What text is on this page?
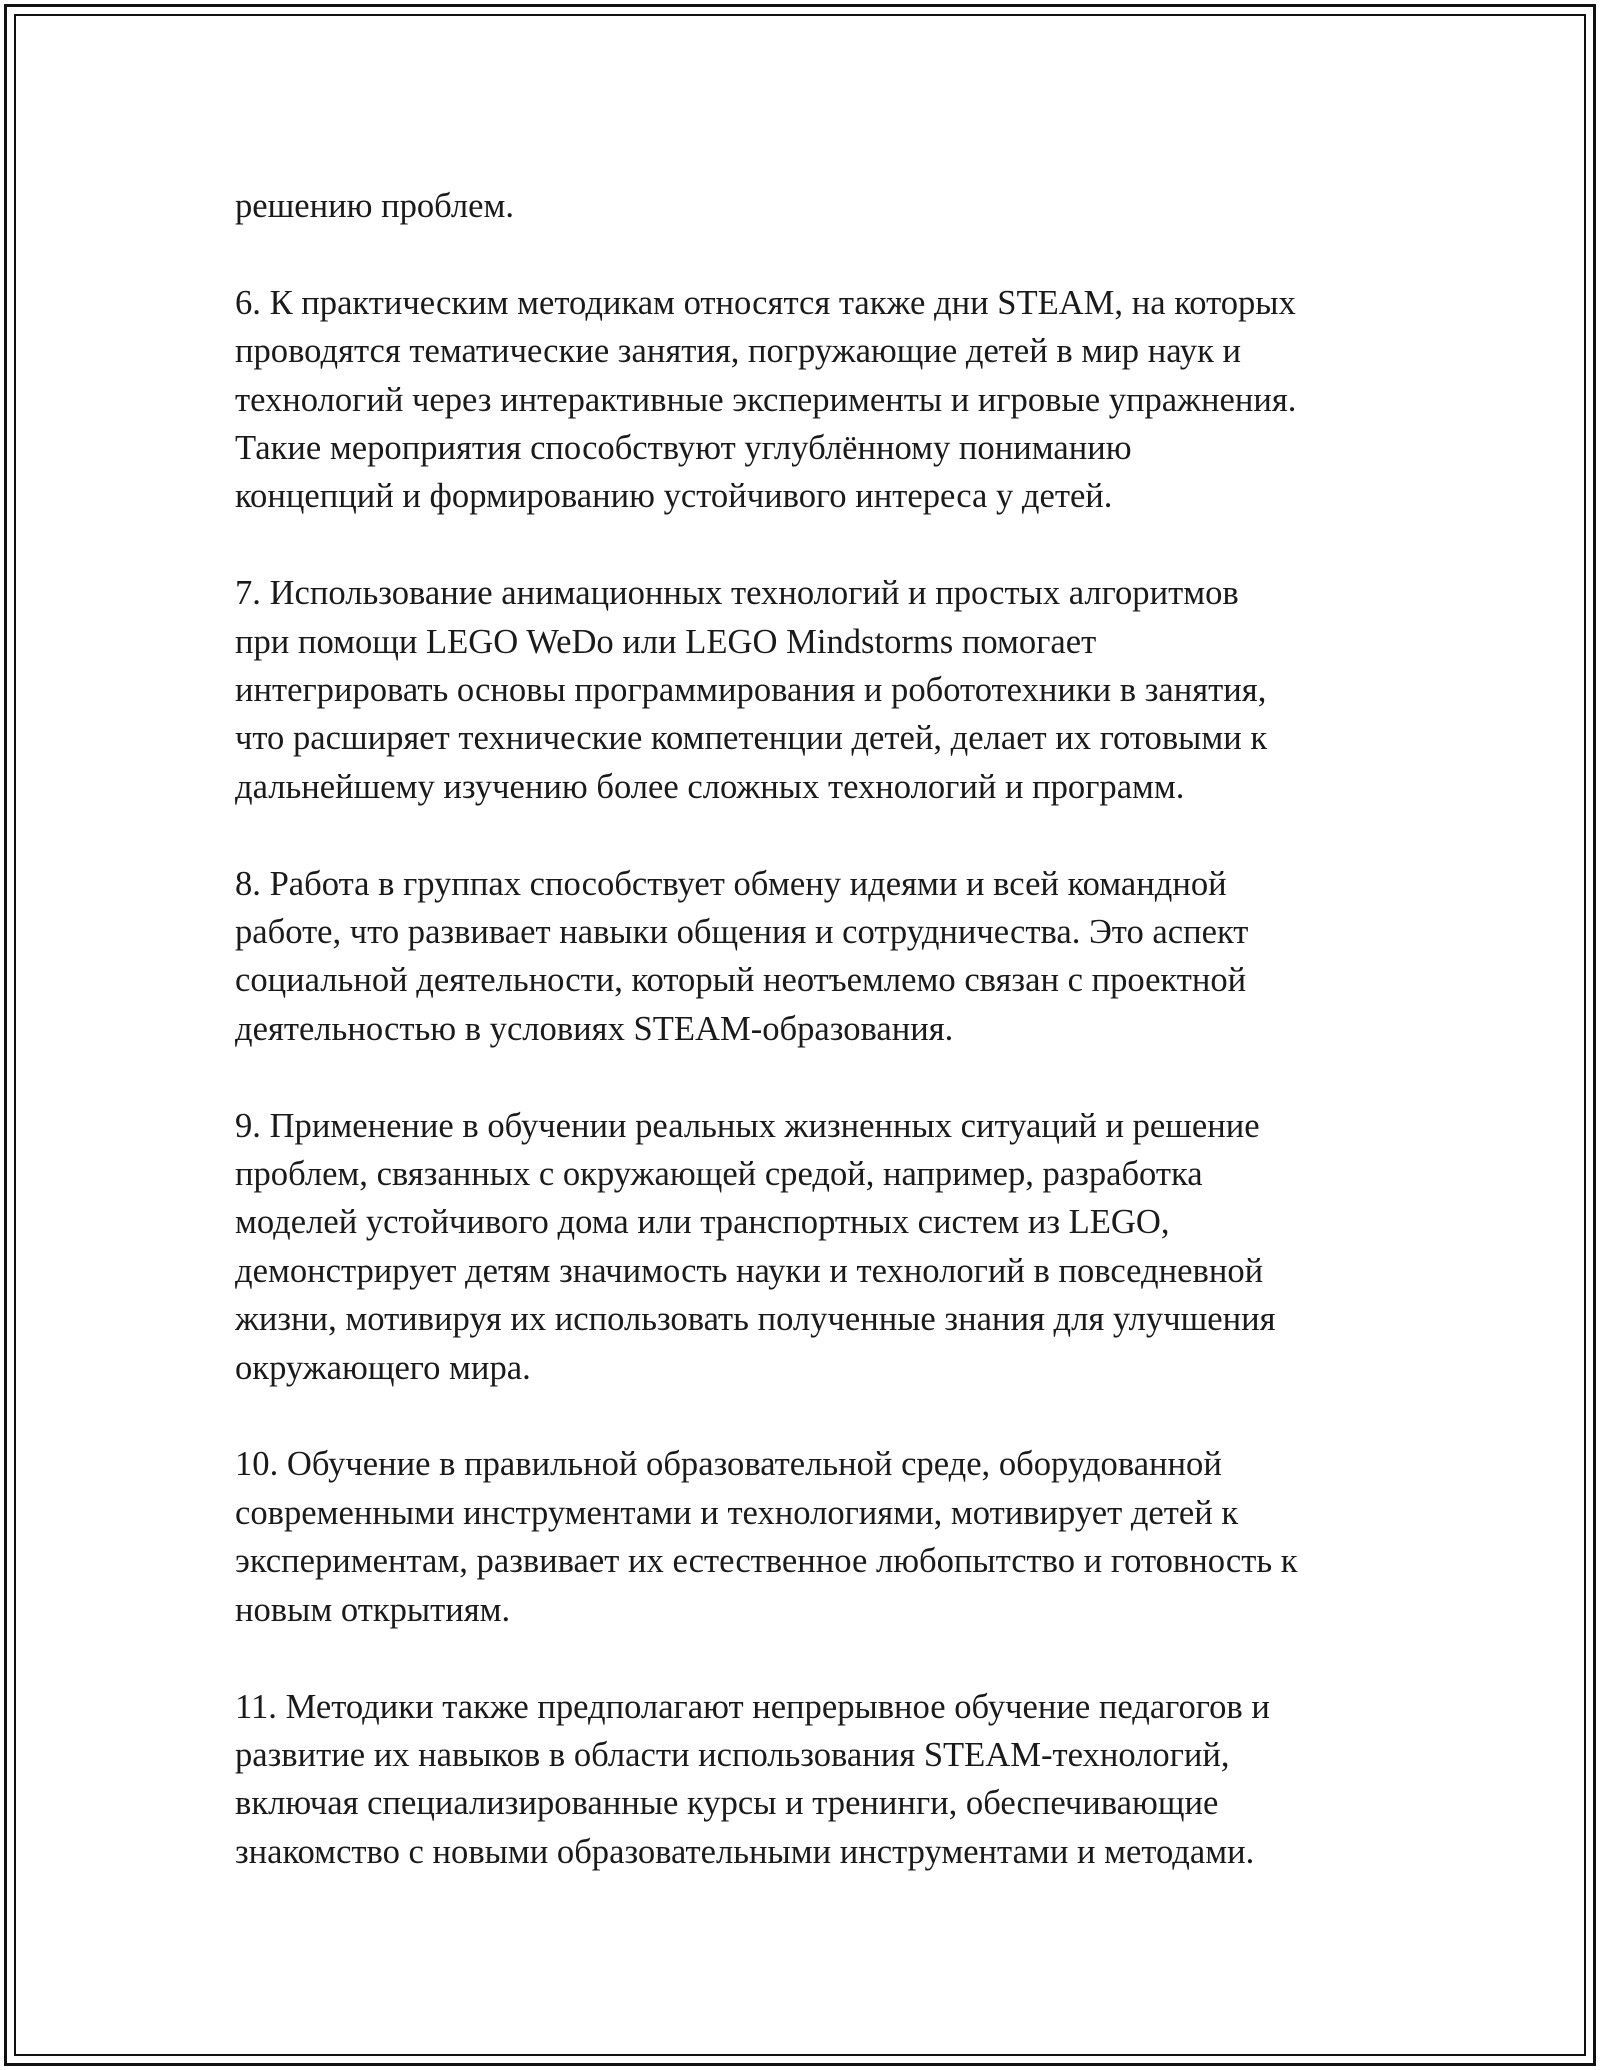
решению проблем.

6. К практическим методикам относятся также дни STEAM, на которых
проводятся тематические занятия, погружающие детей в мир наук и
технологий через интерактивные эксперименты и игровые упражнения.
Такие мероприятия способствуют углублённому пониманию
концепций и формированию устойчивого интереса у детей.

7. Использование анимационных технологий и простых алгоритмов
при помощи LEGO WeDo или LEGO Mindstorms помогает
интегрировать основы программирования и робототехники в занятия,
что расширяет технические компетенции детей, делает их готовыми к
дальнейшему изучению более сложных технологий и программ.

8. Работа в группах способствует обмену идеями и всей командной
работе, что развивает навыки общения и сотрудничества. Это аспект
социальной деятельности, который неотъемлемо связан с проектной
деятельностью в условиях STEAM-образования.

9. Применение в обучении реальных жизненных ситуаций и решение
проблем, связанных с окружающей средой, например, разработка
моделей устойчивого дома или транспортных систем из LEGO,
демонстрирует детям значимость науки и технологий в повседневной
жизни, мотивируя их использовать полученные знания для улучшения
окружающего мира.

10. Обучение в правильной образовательной среде, оборудованной
современными инструментами и технологиями, мотивирует детей к
экспериментам, развивает их естественное любопытство и готовность к
новым открытиям.

11. Методики также предполагают непрерывное обучение педагогов и
развитие их навыков в области использования STEAM-технологий,
включая специализированные курсы и тренинги, обеспечивающие
знакомство с новыми образовательными инструментами и методами.
